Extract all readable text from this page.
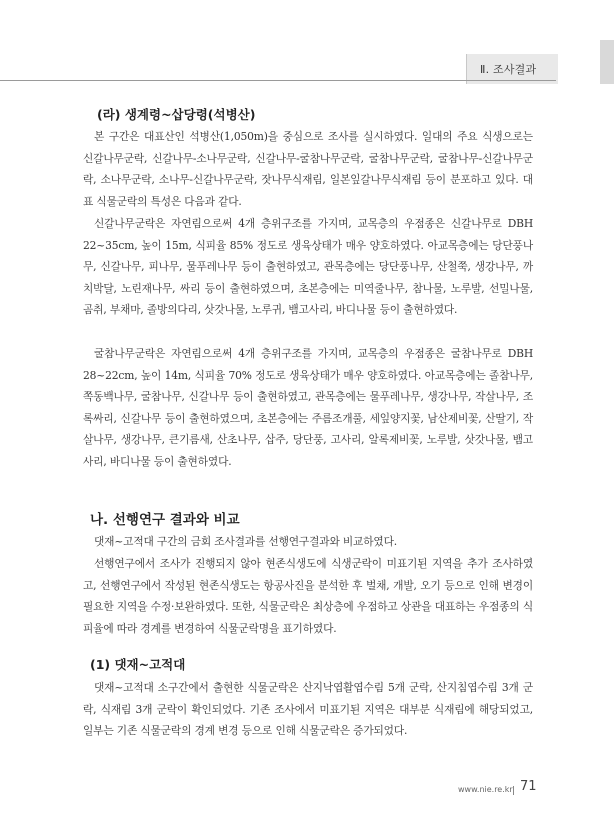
Ⅱ. 조사결과
(라) 생계령~삽당령(석병산)

본 구간은 대표산인 석병산(1,050m)을 중심으로 조사를 실시하였다. 일대의 주요 식생으로는 신갈나무군락, 신갈나무-소나무군락, 신갈나무-굴참나무군락, 굴참나무군락, 굴참나무-신갈나무군락, 소나무군락, 소나무-신갈나무군락, 잣나무식재림, 일본잎갈나무식재림 등이 분포하고 있다. 대표 식물군락의 특성은 다음과 같다.

신갈나무군락은 자연림으로써 4개 층위구조를 가지며, 교목층의 우점종은 신갈나무로 DBH 22~35cm, 높이 15m, 식피율 85% 정도로 생육상태가 매우 양호하였다. 아교목층에는 당단풍나무, 신갈나무, 피나무, 물푸레나무 등이 출현하였고, 관목층에는 당단풍나무, 산철쭉, 생강나무, 까치박달, 노린재나무, 싸리 등이 출현하였으며, 초본층에는 미역줄나무, 참나물, 노루발, 선밀나물, 곰취, 부채마, 졸방의다리, 삿갓나물, 노루귀, 뱀고사리, 바디나물 등이 출현하였다.

굴참나무군락은 자연림으로써 4개 층위구조를 가지며, 교목층의 우점종은 굴참나무로 DBH 28~22cm, 높이 14m, 식피율 70% 정도로 생육상태가 매우 양호하였다. 아교목층에는 졸참나무, 쪽동백나무, 굴참나무, 신갈나무 등이 출현하였고, 관목층에는 물푸레나무, 생강나무, 작살나무, 조록싸리, 신갈나무 등이 출현하였으며, 초본층에는 주름조개풀, 세잎양지꽃, 남산제비꽃, 산딸기, 작살나무, 생강나무, 큰기름새, 산초나무, 삽주, 당단풍, 고사리, 알록제비꽃, 노루발, 삿갓나물, 뱀고사리, 바디나물 등이 출현하였다.

나. 선행연구 결과와 비교

댓재~고적대 구간의 금회 조사결과를 선행연구결과와 비교하였다.

선행연구에서 조사가 진행되지 않아 현존식생도에 식생군락이 미표기된 지역을 추가 조사하였고, 선행연구에서 작성된 현존식생도는 항공사진을 분석한 후 벌채, 개발, 오기 등으로 인해 변경이 필요한 지역을 수정·보완하였다. 또한, 식물군락은 최상층에 우점하고 상관을 대표하는 우점종의 식피율에 따라 경계를 변경하여 식물군락명을 표기하였다.

(1) 댓재~고적대

댓재~고적대 소구간에서 출현한 식물군락은 산지낙엽활엽수림 5개 군락, 산지침엽수림 3개 군락, 식재림 3개 군락이 확인되었다. 기존 조사에서 미표기된 지역은 대부분 식재림에 해당되었고, 일부는 기존 식물군락의 경계 변경 등으로 인해 식물군락은 증가되었다.

www.nie.re.kr 71
